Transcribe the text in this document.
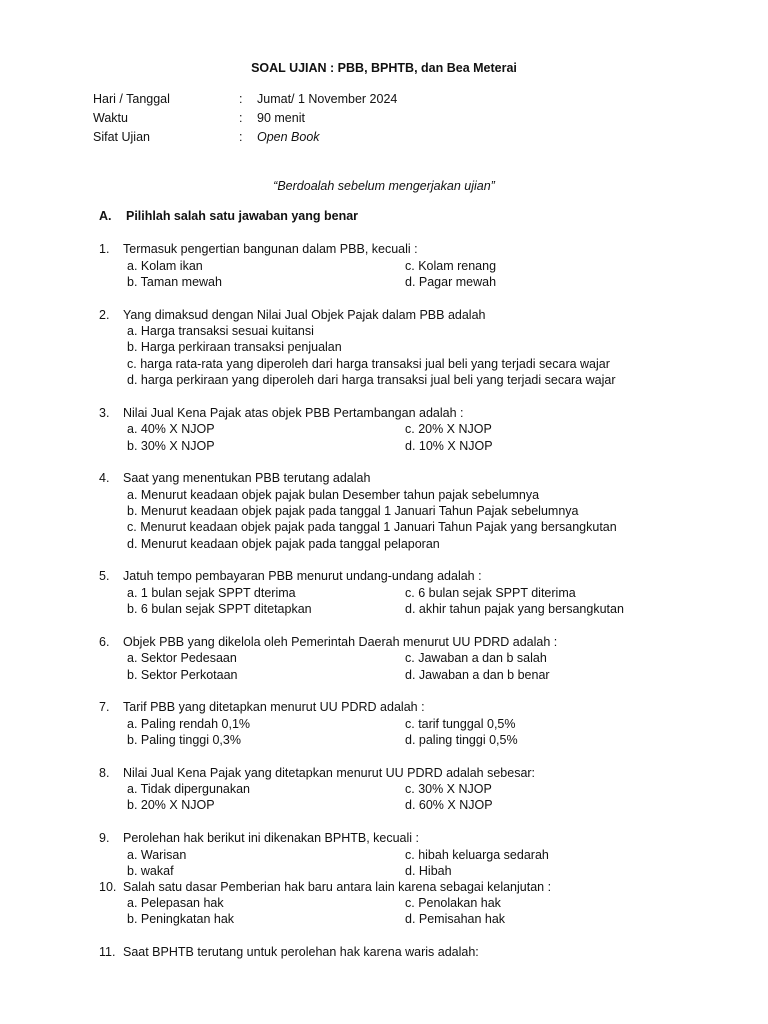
SOAL UJIAN : PBB, BPHTB, dan Bea Meterai
Hari / Tanggal	: Jumat/ 1 November 2024
Waktu	: 90 menit
Sifat Ujian	: Open Book
“Berdoalah sebelum mengerjakan ujian”
A. Pilihlah salah satu jawaban yang benar
1.	Termasuk pengertian bangunan dalam PBB, kecuali :
a. Kolam ikan	c. Kolam renang
b. Taman mewah	d. Pagar mewah
2.	Yang dimaksud dengan Nilai Jual Objek Pajak dalam PBB adalah
a. Harga transaksi sesuai kuitansi
b. Harga perkiraan transaksi penjualan
c. harga rata-rata yang diperoleh dari harga transaksi jual beli yang terjadi secara wajar
d. harga perkiraan yang diperoleh dari harga transaksi jual beli yang terjadi secara wajar
3.	Nilai Jual Kena Pajak atas objek PBB Pertambangan adalah :
a. 40% X NJOP	c. 20% X NJOP
b. 30% X NJOP	d. 10% X NJOP
4.	Saat yang menentukan PBB terutang adalah
a. Menurut keadaan objek pajak bulan Desember tahun pajak sebelumnya
b. Menurut keadaan objek pajak pada tanggal 1 Januari Tahun Pajak sebelumnya
c. Menurut keadaan objek pajak pada tanggal 1 Januari Tahun Pajak yang bersangkutan
d. Menurut keadaan objek pajak pada tanggal pelaporan
5.	Jatuh tempo pembayaran PBB menurut undang-undang adalah :
a. 1 bulan sejak SPPT dterima	c. 6 bulan sejak SPPT diterima
b. 6 bulan sejak SPPT ditetapkan	d. akhir tahun pajak yang bersangkutan
6.	Objek PBB yang dikelola oleh Pemerintah Daerah menurut UU PDRD adalah :
a. Sektor Pedesaan	c. Jawaban a dan b salah
b. Sektor Perkotaan	d. Jawaban a dan b benar
7.	Tarif PBB yang ditetapkan menurut UU PDRD adalah :
a. Paling rendah 0,1%	c. tarif tunggal 0,5%
b. Paling tinggi 0,3%	d. paling tinggi 0,5%
8.	Nilai Jual Kena Pajak yang ditetapkan menurut UU PDRD adalah sebesar:
a. Tidak dipergunakan	c. 30% X NJOP
b. 20% X NJOP	d. 60% X NJOP
9.	Perolehan hak berikut ini dikenakan BPHTB, kecuali :
a. Warisan	c. hibah keluarga sedarah
b. wakaf	d. Hibah
10. Salah satu dasar Pemberian hak baru antara lain karena sebagai kelanjutan :
a. Pelepasan hak	c. Penolakan hak
b. Peningkatan hak	d. Pemisahan hak
11. Saat BPHTB terutang untuk perolehan hak karena waris adalah:
